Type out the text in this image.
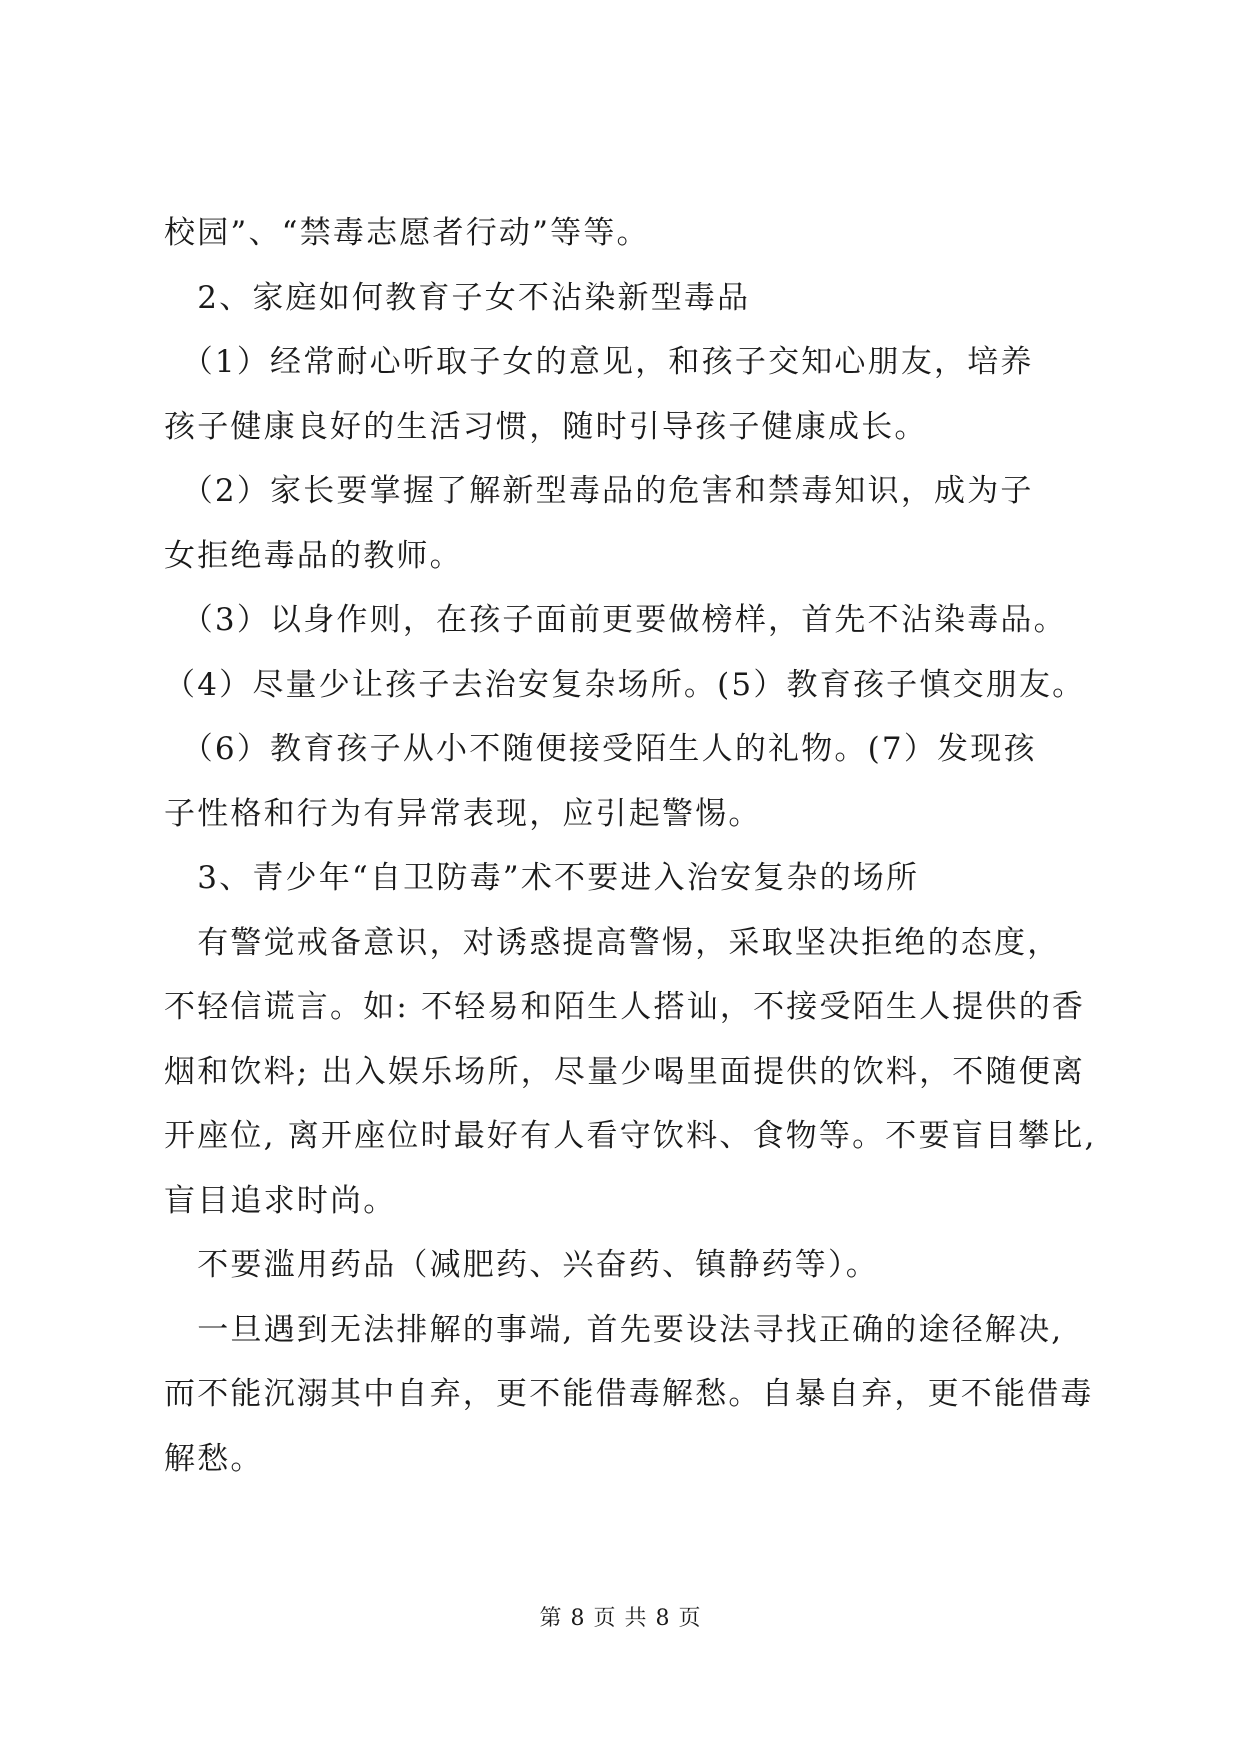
校园”、“禁毒志愿者行动”等等。
　2、家庭如何教育子女不沾染新型毒品
　（1）经常耐心听取子女的意见，和孩子交知心朋友，培养
孩子健康良好的生活习惯，随时引导孩子健康成长。
　（2）家长要掌握了解新型毒品的危害和禁毒知识，成为子
女拒绝毒品的教师。
　（3）以身作则，在孩子面前更要做榜样，首先不沾染毒品。
（4）尽量少让孩子去治安复杂场所。(5）教育孩子慎交朋友。
　（6）教育孩子从小不随便接受陌生人的礼物。(7）发现孩
子性格和行为有异常表现，应引起警惕。
　3、青少年“自卫防毒”术不要进入治安复杂的场所
　有警觉戒备意识，对诱惑提高警惕，采取坚决拒绝的态度，
不轻信谎言。如: 不轻易和陌生人搭讪，不接受陌生人提供的香
烟和饮料; 出入娱乐场所，尽量少喝里面提供的饮料，不随便离
开座位, 离开座位时最好有人看守饮料、食物等。不要盲目攀比,
盲目追求时尚。
　不要滥用药品（减肥药、兴奋药、镇静药等）。
　一旦遇到无法排解的事端, 首先要设法寻找正确的途径解决,
而不能沉溺其中自弃，更不能借毒解愁。自暴自弃，更不能借毒
解愁。
第 8 页 共 8 页
